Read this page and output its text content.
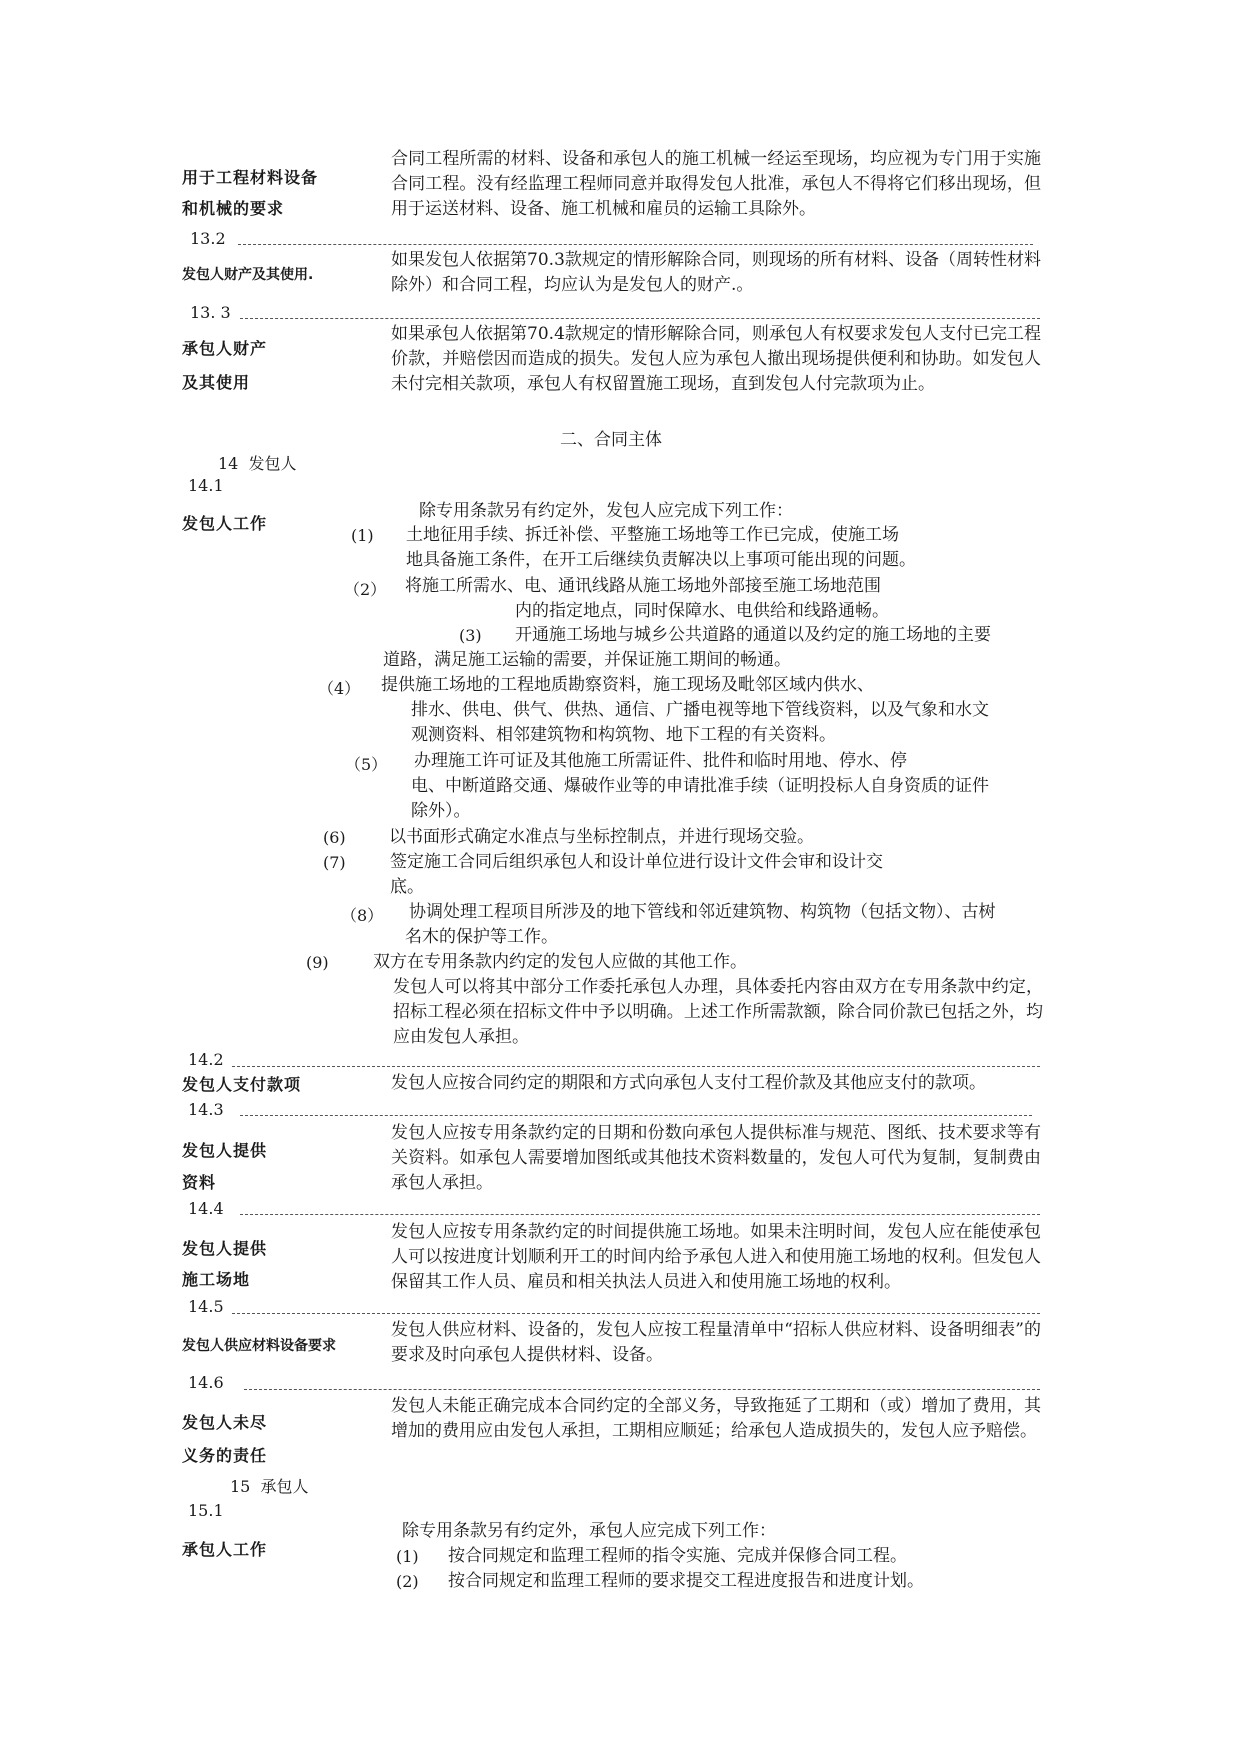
用于工程材料设备
和机械的要求
合同工程所需的材料、设备和承包人的施工机械一经运至现场，均应视为专门用于实施合同工程。没有经监理工程师同意并取得发包人批准，承包人不得将它们移出现场，但用于运送材料、设备、施工机械和雇员的运输工具除外。
13.2
发包人财产及其使用.
如果发包人依据第70.3款规定的情形解除合同，则现场的所有材料、设备（周转性材料除外）和合同工程，均应认为是发包人的财产.。
13. 3
承包人财产
及其使用
如果承包人依据第70.4款规定的情形解除合同，则承包人有权要求发包人支付已完工程价款，并赔偿因而造成的损失。发包人应为承包人撤出现场提供便利和协助。如发包人未付完相关款项，承包人有权留置施工现场，直到发包人付完款项为止。
二、合同主体
14  发包人
14.1
发包人工作
除专用条款另有约定外，发包人应完成下列工作：
(1) 土地征用手续、拆迁补偿、平整施工场地等工作已完成，使施工场
地具备施工条件，在开工后继续负责解决以上事项可能出现的问题。
（2） 将施工所需水、电、通讯线路从施工场地外部接至施工场地范围
内的指定地点，同时保障水、电供给和线路通畅。
(3) 开通施工场地与城乡公共道路的通道以及约定的施工场地的主要
道路，满足施工运输的需要，并保证施工期间的畅通。
（4） 提供施工场地的工程地质勘察资料，施工现场及毗邻区域内供水、
排水、供电、供气、供热、通信、广播电视等地下管线资料，以及气象和水文
观测资料、相邻建筑物和构筑物、地下工程的有关资料。
（5） 办理施工许可证及其他施工所需证件、批件和临时用地、停水、停
电、中断道路交通、爆破作业等的申请批准手续（证明投标人自身资质的证件
除外）。
(6)	以书面形式确定水准点与坐标控制点，并进行现场交验。
(7)	签定施工合同后组织承包人和设计单位进行设计文件会审和设计交
底。
（8） 协调处理工程项目所涉及的地下管线和邻近建筑物、构筑物（包括文物）、古树
名木的保护等工作。
(9)	双方在专用条款内约定的发包人应做的其他工作。
发包人可以将其中部分工作委托承包人办理，具体委托内容由双方在专用条款中约定，招标工程必须在招标文件中予以明确。上述工作所需款额，除合同价款已包括之外，均应由发包人承担。
14.2
发包人支付款项	发包人应按合同约定的期限和方式向承包人支付工程价款及其他应支付的款项。
14.3
发包人提供
资料
发包人应按专用条款约定的日期和份数向承包人提供标准与规范、图纸、技术要求等有关资料。如承包人需要增加图纸或其他技术资料数量的，发包人可代为复制，复制费由承包人承担。
14.4
发包人提供
施工场地
发包人应按专用条款约定的时间提供施工场地。如果未注明时间，发包人应在能使承包人可以按进度计划顺利开工的时间内给予承包人进入和使用施工场地的权利。但发包人保留其工作人员、雇员和相关执法人员进入和使用施工场地的权利。
14.5
发包人供应材料设备要求
发包人供应材料、设备的，发包人应按工程量清单中“招标人供应材料、设备明细表”的要求及时向承包人提供材料、设备。
14.6
发包人未尽
义务的责任
发包人未能正确完成本合同约定的全部义务，导致拖延了工期和（或）增加了费用，其增加的费用应由发包人承担，工期相应顺延；给承包人造成损失的，发包人应予赔偿。
15  承包人
15.1
承包人工作
除专用条款另有约定外，承包人应完成下列工作：
(1) 按合同规定和监理工程师的指令实施、完成并保修合同工程。
(2) 按合同规定和监理工程师的要求提交工程进度报告和进度计划。
